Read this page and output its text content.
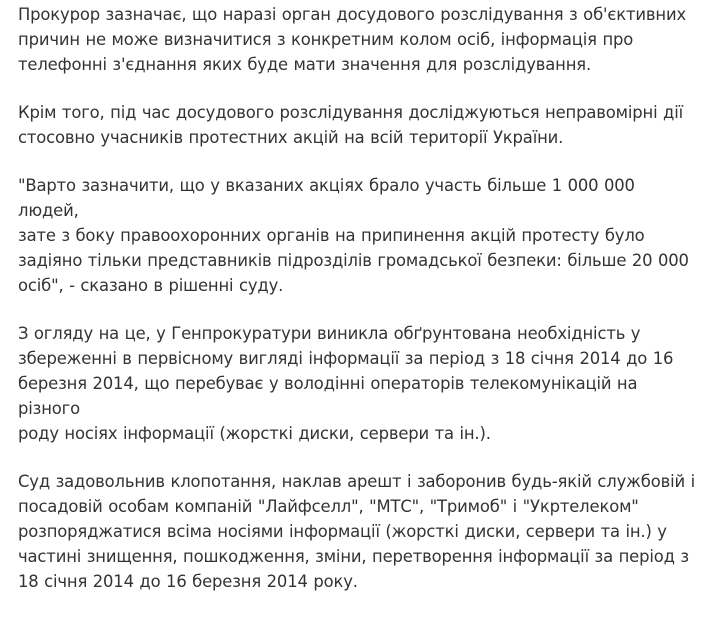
Прокурор зазначає, що наразі орган досудового розслідування з об'єктивних
причин не може визначитися з конкретним колом осіб, інформація про
телефонні з'єднання яких буде мати значення для розслідування.

Крім того, під час досудового розслідування досліджуються неправомірні дії
стосовно учасників протестних акцій на всій території України.

"Варто зазначити, що у вказаних акціях брало участь більше 1 000 000 людей,
зате з боку правоохоронних органів на припинення акцій протесту було
задіяно тільки представників підрозділів громадської безпеки: більше 20 000
осіб", - сказано в рішенні суду.

З огляду на це, у Генпрокуратури виникла обґрунтована необхідність у
збереженні в первісному вигляді інформації за період з 18 січня 2014 до 16
березня 2014, що перебуває у володінні операторів телекомунікацій на різного
роду носіях інформації (жорсткі диски, сервери та ін.).

Суд задовольнив клопотання, наклав арешт і заборонив будь-якій службовій і
посадовій особам компаній "Лайфселл", "МТС", "Тримоб" і "Укртелеком"
розпоряджатися всіма носіями інформації (жорсткі диски, сервери та ін.) у
частині знищення, пошкодження, зміни, перетворення інформації за період з
18 січня 2014 до 16 березня 2014 року.
